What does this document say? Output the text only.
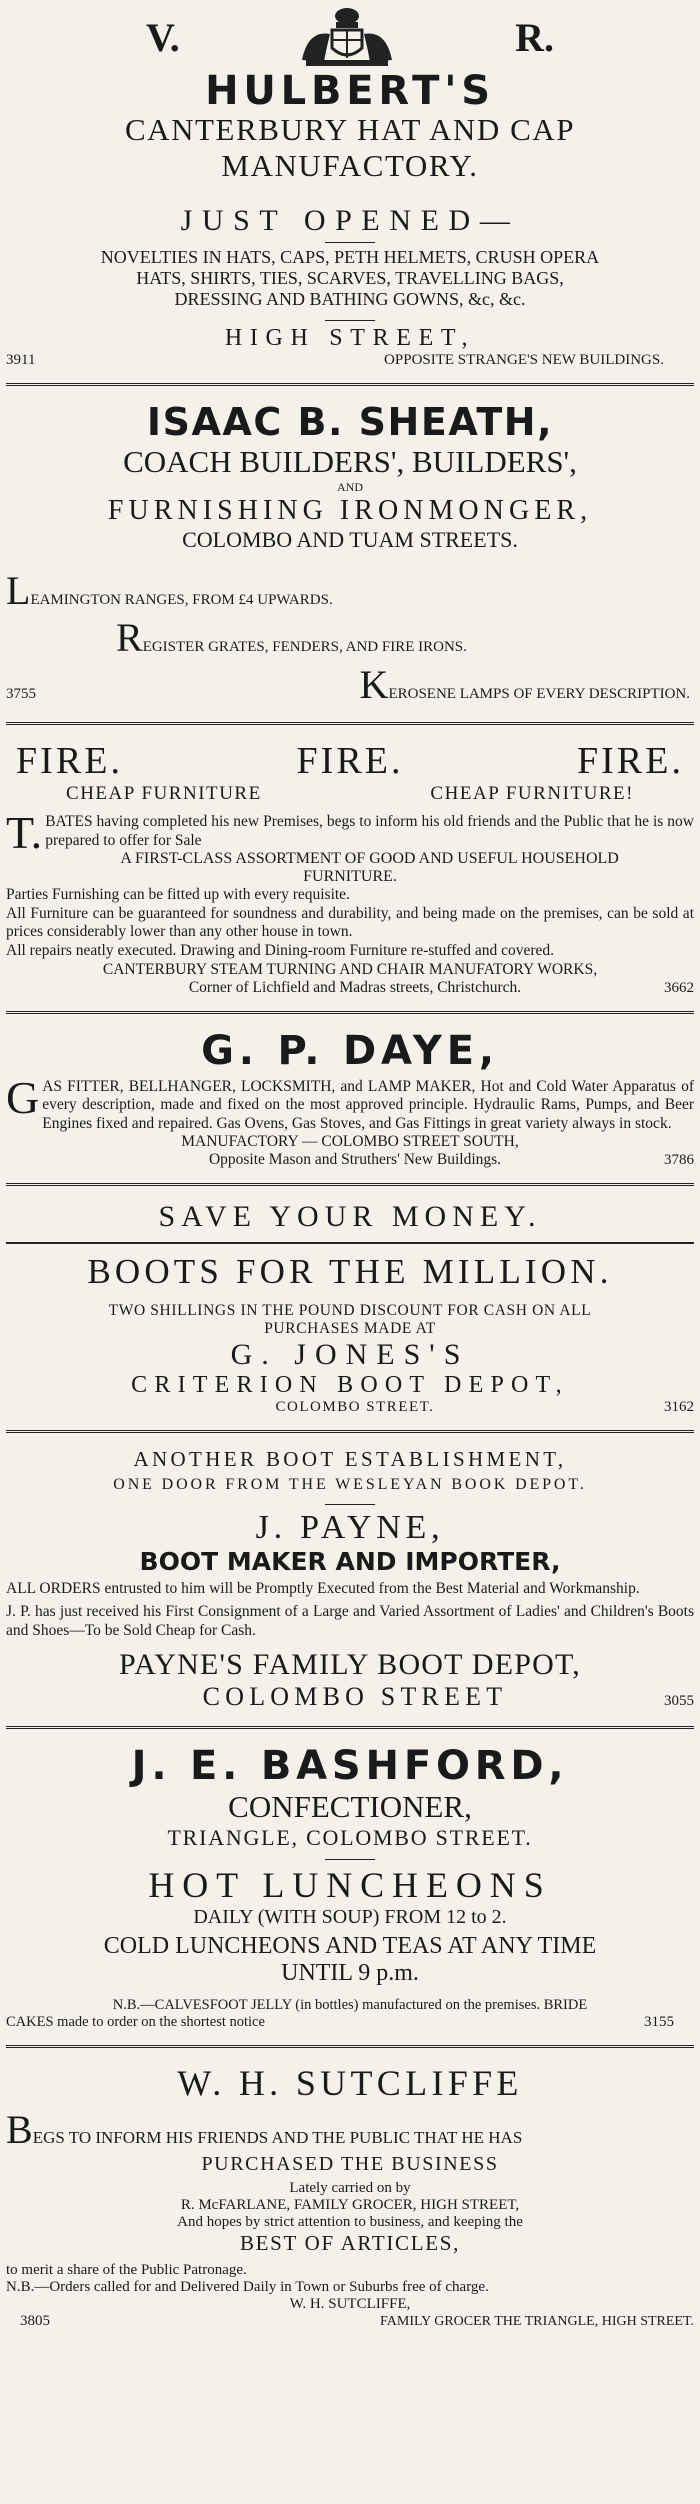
V.	R.
HULBERT'S
CANTERBURY HAT AND CAP
MANUFACTORY.
JUST OPENED—
NOVELTIES IN HATS, CAPS, PETH HELMETS, CRUSH OPERA
HATS, SHIRTS, TIES, SCARVES, TRAVELLING BAGS,
DRESSING AND BATHING GOWNS, &c, &c.
HIGH STREET,
3911	OPPOSITE STRANGE'S NEW BUILDINGS.
ISAAC B. SHEATH,
COACH BUILDERS', BUILDERS',
AND
FURNISHING IRONMONGER,
COLOMBO AND TUAM STREETS.
LEAMINGTON RANGES, FROM £4 UPWARDS.
REGISTER GRATES, FENDERS, AND FIRE IRONS.
3755	KEROSENE LAMPS OF EVERY DESCRIPTION.
FIRE.	FIRE.	FIRE.
CHEAP FURNITURE	CHEAP FURNITURE!
T. BATES having completed his new Premises, begs to inform his old friends and the Public that he is now prepared to offer for Sale
A FIRST-CLASS ASSORTMENT OF GOOD AND USEFUL HOUSEHOLD
FURNITURE.
Parties Furnishing can be fitted up with every requisite.
All Furniture can be guaranteed for soundness and durability, and being made on the premises, can be sold at prices considerably lower than any other house in town.
All repairs neatly executed. Drawing and Dining-room Furniture re-stuffed and covered.
CANTERBURY STEAM TURNING AND CHAIR MANUFATORY WORKS,
Corner of Lichfield and Madras streets, Christchurch.	3662
G. P. DAYE,
G AS FITTER, BELLHANGER, LOCKSMITH, and LAMP MAKER, Hot and Cold Water Apparatus of every description, made and fixed on the most approved principle. Hydraulic Rams, Pumps, and Beer Engines fixed and repaired. Gas Ovens, Gas Stoves, and Gas Fittings in great variety always in stock.
MANUFACTORY — COLOMBO STREET SOUTH,
Opposite Mason and Struthers' New Buildings.	3786
SAVE YOUR MONEY.
BOOTS FOR THE MILLION.
TWO SHILLINGS IN THE POUND DISCOUNT FOR CASH ON ALL
PURCHASES MADE AT
G. JONES'S
CRITERION BOOT DEPOT,
COLOMBO STREET.	3162
ANOTHER BOOT ESTABLISHMENT,
ONE DOOR FROM THE WESLEYAN BOOK DEPOT.
J. PAYNE,
BOOT MAKER AND IMPORTER,
ALL ORDERS entrusted to him will be Promptly Executed from the Best Material and Workmanship.
J. P. has just received his First Consignment of a Large and Varied Assortment of Ladies' and Children's Boots and Shoes—To be Sold Cheap for Cash.
PAYNE'S FAMILY BOOT DEPOT,
COLOMBO STREET	3055
J. E. BASHFORD,
CONFECTIONER,
TRIANGLE, COLOMBO STREET.
HOT LUNCHEONS
DAILY (WITH SOUP) FROM 12 to 2.
COLD LUNCHEONS AND TEAS AT ANY TIME
UNTIL 9 p.m.
N.B.—CALVESFOOT JELLY (in bottles) manufactured on the premises. BRIDE
CAKES made to order on the shortest notice	3155
W. H. SUTCLIFFE
BEGS TO INFORM HIS FRIENDS AND THE PUBLIC THAT HE HAS
PURCHASED THE BUSINESS
Lately carried on by
R. McFARLANE, FAMILY GROCER, HIGH STREET,
And hopes by strict attention to business, and keeping the
BEST OF ARTICLES,
to merit a share of the Public Patronage.
N.B.—Orders called for and Delivered Daily in Town or Suburbs free of charge.
W. H. SUTCLIFFE,
3805	FAMILY GROCER THE TRIANGLE, HIGH STREET.
